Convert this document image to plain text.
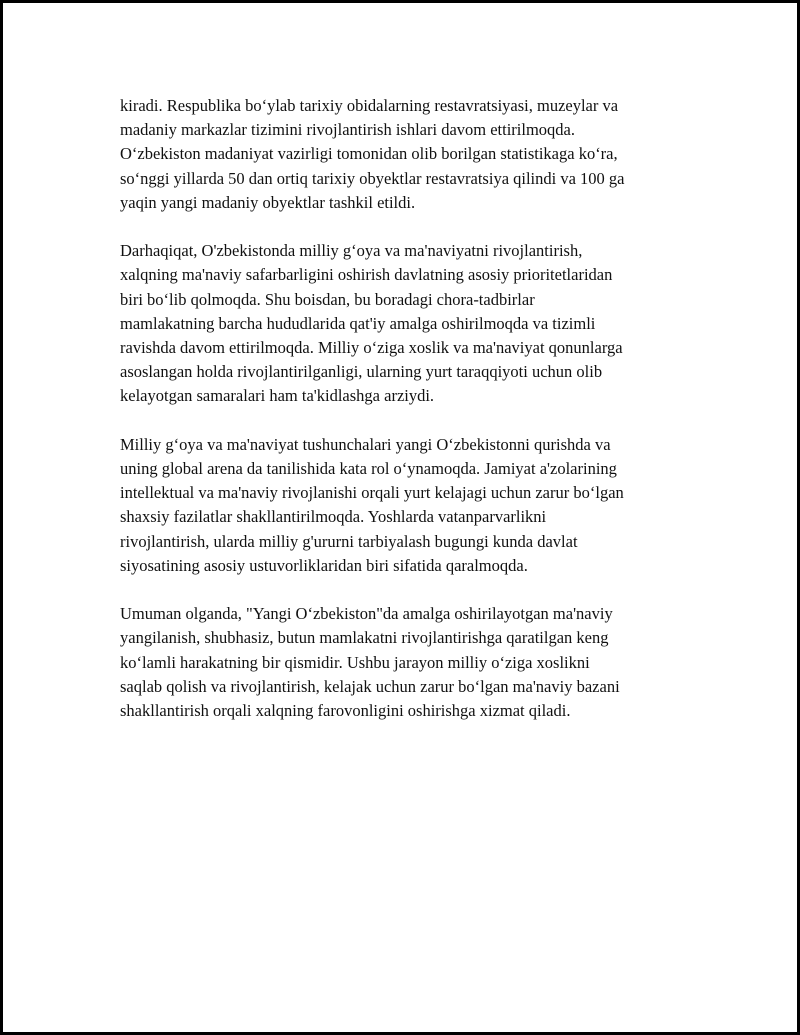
kiradi. Respublika bo‘ylab tarixiy obidalarning restavratsiyasi, muzeylar va
madaniy markazlar tizimini rivojlantirish ishlari davom ettirilmoqda.
O‘zbekiston madaniyat vazirligi tomonidan olib borilgan statistikaga ko‘ra,
so‘nggi yillarda 50 dan ortiq tarixiy obyektlar restavratsiya qilindi va 100 ga
yaqin yangi madaniy obyektlar tashkil etildi.

Darhaqiqat, O'zbekistonda milliy g‘oya va ma'naviyatni rivojlantirish,
xalqning ma'naviy safarbarligini oshirish davlatning asosiy prioritetlaridan
biri bo‘lib qolmoqda. Shu boisdan, bu boradagi chora-tadbirlar
mamlakatning barcha hududlarida qat'iy amalga oshirilmoqda va tizimli
ravishda davom ettirilmoqda. Milliy o‘ziga xoslik va ma'naviyat qonunlarga
asoslangan holda rivojlantirilganligi, ularning yurt taraqqiyoti uchun olib
kelayotgan samaralari ham ta'kidlashga arziydi.

Milliy g‘oya va ma'naviyat tushunchalari yangi O‘zbekistonni qurishda va
uning global arena da tanilishida kata rol o‘ynamoqda. Jamiyat a'zolarining
intellektual va ma'naviy rivojlanishi orqali yurt kelajagi uchun zarur bo‘lgan
shaxsiy fazilatlar shakllantirilmoqda. Yoshlarda vatanparvarlikni
rivojlantirish, ularda milliy g'ururni tarbiyalash bugungi kunda davlat
siyosatining asosiy ustuvorliklaridan biri sifatida qaralmoqda.

Umuman olganda, "Yangi O‘zbekiston"da amalga oshirilayotgan ma'naviy
yangilanish, shubhasiz, butun mamlakatni rivojlantirishga qaratilgan keng
ko‘lamli harakatning bir qismidir. Ushbu jarayon milliy o‘ziga xoslikni
saqlab qolish va rivojlantirish, kelajak uchun zarur bo‘lgan ma'naviy bazani
shakllantirish orqali xalqning farovonligini oshirishga xizmat qiladi.
